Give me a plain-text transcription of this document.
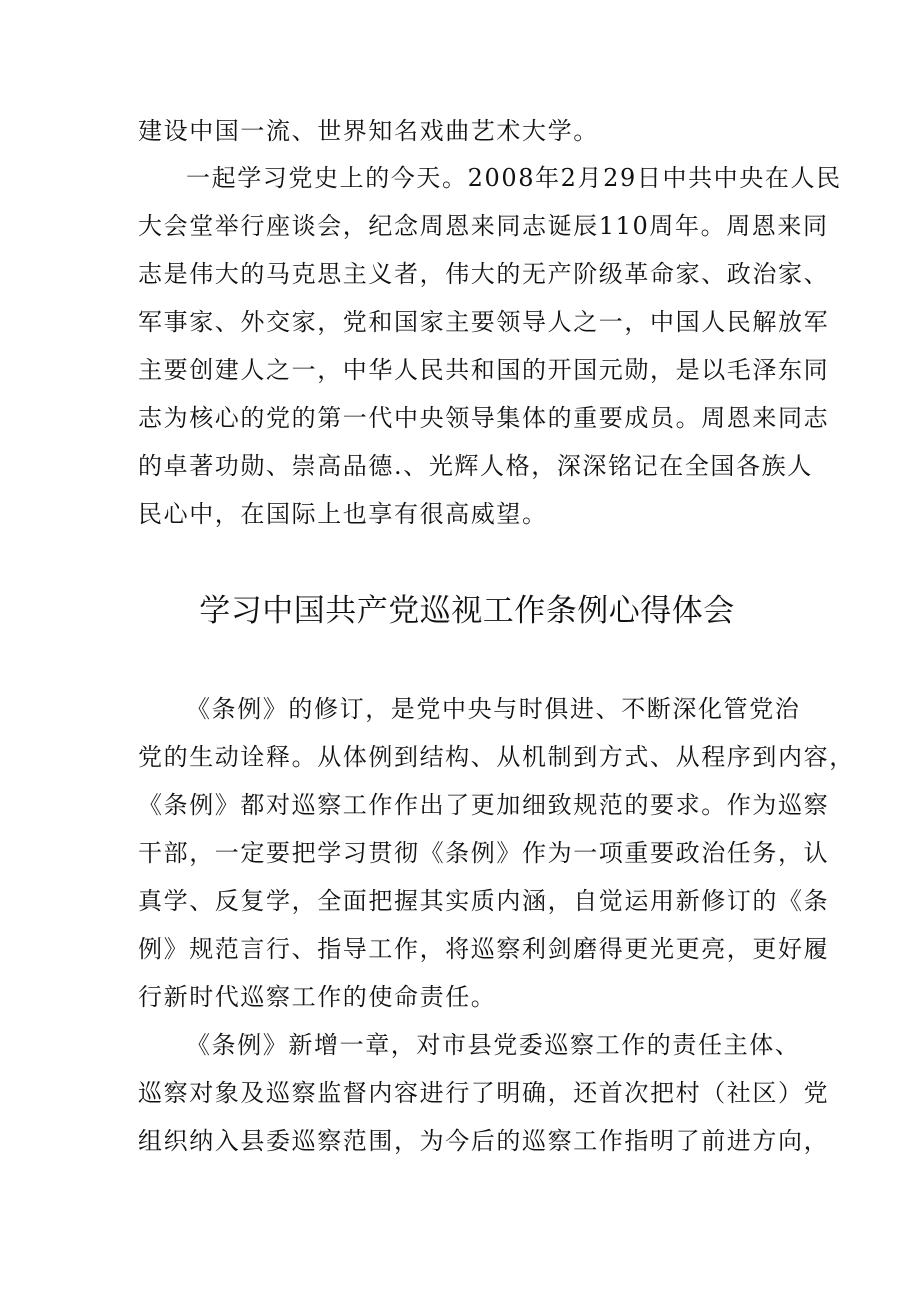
建设中国一流、世界知名戏曲艺术大学。
一起学习党史上的今天。2008年2月29日中共中央在人民
大会堂举行座谈会，纪念周恩来同志诞辰110周年。周恩来同
志是伟大的马克思主义者，伟大的无产阶级革命家、政治家、
军事家、外交家，党和国家主要领导人之一，中国人民解放军
主要创建人之一，中华人民共和国的开国元勋，是以毛泽东同
志为核心的党的第一代中央领导集体的重要成员。周恩来同志
的卓著功勋、崇高品德.、光辉人格，深深铭记在全国各族人
民心中，在国际上也享有很高威望。
学习中国共产党巡视工作条例心得体会
《条例》的修订，是党中央与时俱进、不断深化管党治
党的生动诠释。从体例到结构、从机制到方式、从程序到内容，
《条例》都对巡察工作作出了更加细致规范的要求。作为巡察
干部，一定要把学习贯彻《条例》作为一项重要政治任务，认
真学、反复学，全面把握其实质内涵，自觉运用新修订的《条
例》规范言行、指导工作，将巡察利剑磨得更光更亮，更好履
行新时代巡察工作的使命责任。
《条例》新增一章，对市县党委巡察工作的责任主体、
巡察对象及巡察监督内容进行了明确，还首次把村（社区）党
组织纳入县委巡察范围，为今后的巡察工作指明了前进方向，
